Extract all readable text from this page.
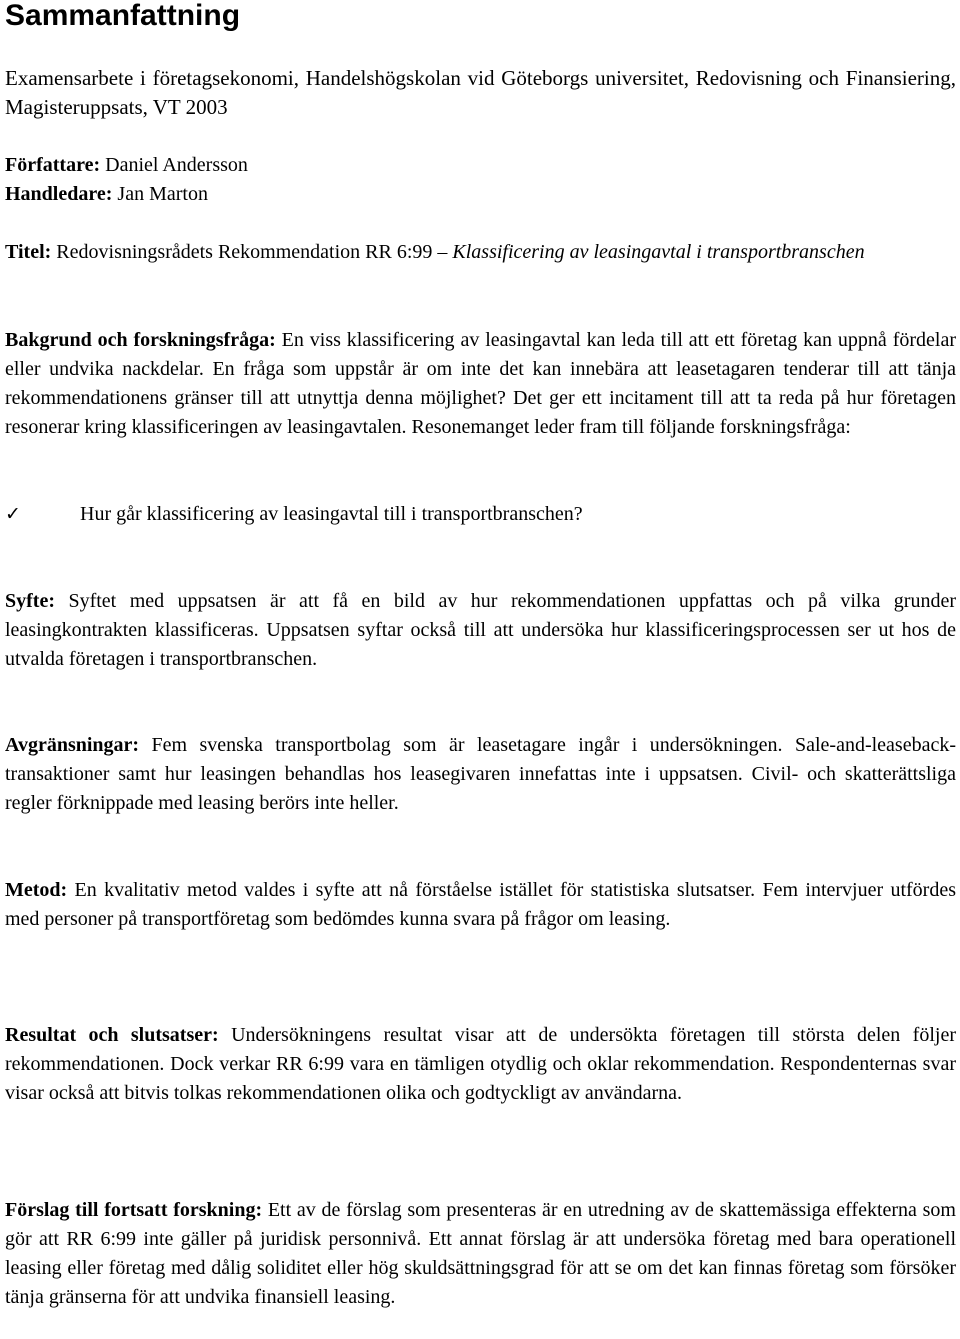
Sammanfattning

Examensarbete i företagsekonomi, Handelshögskolan vid Göteborgs universitet, Redovisning och Finansiering, Magisteruppsats, VT 2003

Författare: Daniel Andersson

Handledare: Jan Marton

Titel: Redovisningsrådets Rekommendation RR 6:99 – Klassificering av leasingavtal i transportbranschen

Bakgrund och forskningsfråga: En viss klassificering av leasingavtal kan leda till att ett företag kan uppnå fördelar eller undvika nackdelar. En fråga som uppstår är om inte det kan innebära att leasetagaren tenderar till att tänja rekommendationens gränser till att utnyttja denna möjlighet? Det ger ett incitament till att ta reda på hur företagen resonerar kring klassificeringen av leasingavtalen. Resonemanget leder fram till följande forskningsfråga:

✓	Hur går klassificering av leasingavtal till i transportbranschen?

Syfte: Syftet med uppsatsen är att få en bild av hur rekommendationen uppfattas och på vilka grunder leasingkontrakten klassificeras. Uppsatsen syftar också till att undersöka hur klassificeringsprocessen ser ut hos de utvalda företagen i transportbranschen.

Avgränsningar: Fem svenska transportbolag som är leasetagare ingår i undersökningen. Sale-and-leaseback-transaktioner samt hur leasingen behandlas hos leasegivaren innefattas inte i uppsatsen. Civil- och skatterättsliga regler förknippade med leasing berörs inte heller.

Metod: En kvalitativ metod valdes i syfte att nå förståelse istället för statistiska slutsatser. Fem intervjuer utfördes med personer på transportföretag som bedömdes kunna svara på frågor om leasing.

Resultat och slutsatser: Undersökningens resultat visar att de undersökta företagen till största delen följer rekommendationen. Dock verkar RR 6:99 vara en tämligen otydlig och oklar rekommendation. Respondenternas svar visar också att bitvis tolkas rekommendationen olika och godtyckligt av användarna.

Förslag till fortsatt forskning: Ett av de förslag som presenteras är en utredning av de skattemässiga effekterna som gör att RR 6:99 inte gäller på juridisk personnivå. Ett annat förslag är att undersöka företag med bara operationell leasing eller företag med dålig soliditet eller hög skuldsättningsgrad för att se om det kan finnas företag som försöker tänja gränserna för att undvika finansiell leasing.
